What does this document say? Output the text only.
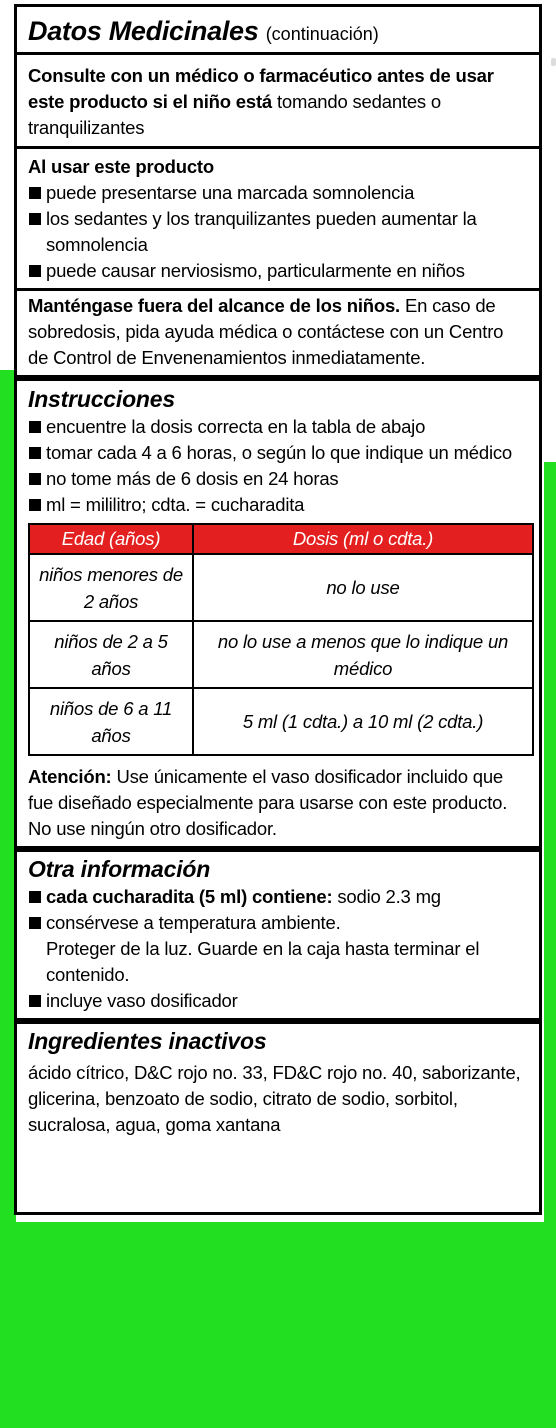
Datos Medicinales (continuación)
Consulte con un médico o farmacéutico antes de usar este producto si el niño está tomando sedantes o tranquilizantes
Al usar este producto
puede presentarse una marcada somnolencia
los sedantes y los tranquilizantes pueden aumentar la somnolencia
puede causar nerviosismo, particularmente en niños
Manténgase fuera del alcance de los niños. En caso de sobredosis, pida ayuda médica o contáctese con un Centro de Control de Envenenamientos inmediatamente.
Instrucciones
encuentre la dosis correcta en la tabla de abajo
tomar cada 4 a 6 horas, o según lo que indique un médico
no tome más de 6 dosis en 24 horas
ml = mililitro; cdta. = cucharadita
Edad (años)	Dosis (ml o cdta.)
niños menores de 2 años	no lo use
niños de 2 a 5 años	no lo use a menos que lo indique un médico
niños de 6 a 11 años	5 ml (1 cdta.) a 10 ml (2 cdta.)
Atención: Use únicamente el vaso dosificador incluido que fue diseñado especialmente para usarse con este producto. No use ningún otro dosificador.
Otra información
cada cucharadita (5 ml) contiene: sodio 2.3 mg
consérvese a temperatura ambiente.
Proteger de la luz. Guarde en la caja hasta terminar el contenido.
incluye vaso dosificador
Ingredientes inactivos
ácido cítrico, D&C rojo no. 33, FD&C rojo no. 40, saborizante, glicerina, benzoato de sodio, citrato de sodio, sorbitol, sucralosa, agua, goma xantana
